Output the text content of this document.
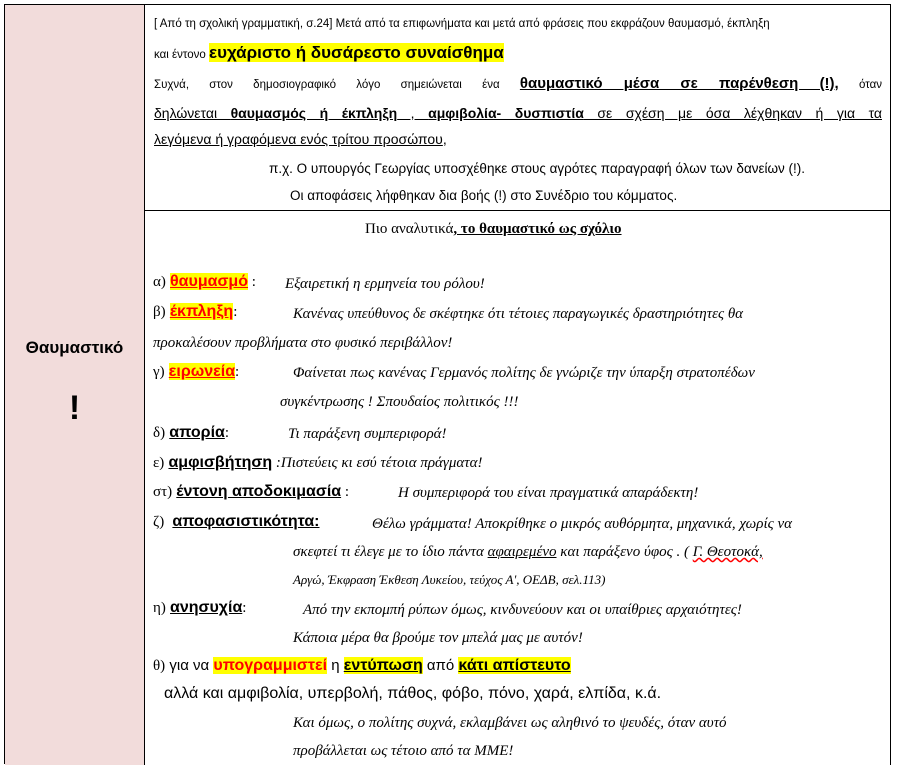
Θαυμαστικό
!
[ Από τη σχολική γραμματική, σ.24] Μετά από τα επιφωνήματα και μετά από φράσεις που εκφράζουν θαυμασμό, έκπληξη
και έντονο ευχάριστο ή δυσάρεστο συναίσθημα
Συχνά, στον δημοσιογραφικό λόγο σημειώνεται ένα θαυμαστικό μέσα σε παρένθεση (!), όταν
δηλώνεται θαυμασμός ή έκπληξη , αμφιβολία- δυσπιστία σε σχέση με όσα λέχθηκαν ή για τα
λεγόμενα ή γραφόμενα ενός τρίτου προσώπου,
π.χ. Ο υπουργός Γεωργίας υποσχέθηκε στους αγρότες παραγραφή όλων των δανείων (!).
Οι αποφάσεις λήφθηκαν δια βοής (!) στο Συνέδριο του κόμματος.
Πιο αναλυτικά, το θαυμαστικό ως σχόλιο
α) θαυμασμό : Εξαιρετική η ερμηνεία του ρόλου!
β) έκπληξη:	Κανένας υπεύθυνος δε σκέφτηκε ότι τέτοιες παραγωγικές δραστηριότητες θα
προκαλέσουν προβλήματα στο φυσικό περιβάλλον!
γ) ειρωνεία:	Φαίνεται πως κανένας Γερμανός πολίτης δε γνώριζε την ύπαρξη στρατοπέδων
συγκέντρωσης ! Σπουδαίος πολιτικός !!!
δ) απορία:	Τι παράξενη συμπεριφορά!
ε) αμφισβήτηση :Πιστεύεις κι εσύ τέτοια πράγματα!
στ) έντονη αποδοκιμασία :	Η συμπεριφορά του είναι πραγματικά απαράδεκτη!
ζ) αποφασιστικότητα:	Θέλω γράμματα! Αποκρίθηκε ο μικρός αυθόρμητα, μηχανικά, χωρίς να
σκεφτεί τι έλεγε με το ίδιο πάντα αφαιρεμένο και παράξενο ύφος . ( Γ. Θεοτοκά,
Αργώ, Έκφραση Έκθεση Λυκείου, τεύχος Α', ΟΕΔΒ, σελ.113)
η) ανησυχία:	Από την εκπομπή ρύπων όμως, κινδυνεύουν και οι υπαίθριες αρχαιότητες!
Κάποια μέρα θα βρούμε τον μπελά μας με αυτόν!
θ) για να υπογραμμιστεί η εντύπωση από κάτι απίστευτο
αλλά και αμφιβολία, υπερβολή, πάθος, φόβο, πόνο, χαρά, ελπίδα, κ.ά.
Και όμως, ο πολίτης συχνά, εκλαμβάνει ως αληθινό το ψευδές, όταν αυτό
προβάλλεται ως τέτοιο από τα ΜΜΕ!
